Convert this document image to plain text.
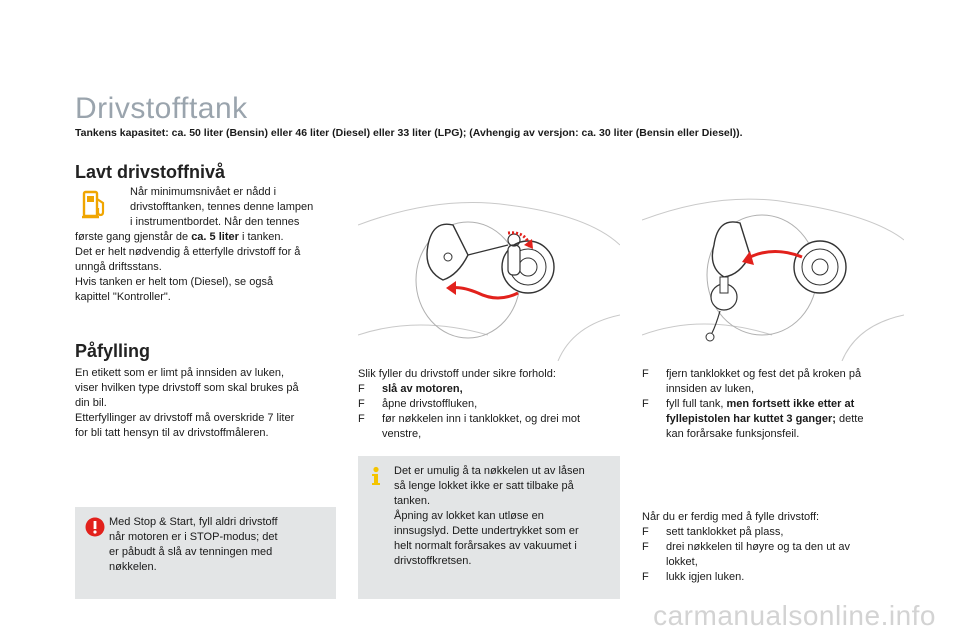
Drivstofftank
Tankens kapasitet: ca. 50 liter (Bensin) eller 46 liter (Diesel) eller 33 liter (LPG); (Avhengig av versjon: ca. 30 liter (Bensin eller Diesel)).
Lavt drivstoffnivå
Når minimumsnivået er nådd i
drivstofftanken, tennes denne lampen
i instrumentbordet. Når den tennes
første gang gjenstår de ca. 5 liter i tanken.
Det er helt nødvendig å etterfylle drivstoff for å
unngå driftsstans.
Hvis tanken er helt tom (Diesel), se også
kapittel "Kontroller".
Påfylling
En etikett som er limt på innsiden av luken,
viser hvilken type drivstoff som skal brukes på
din bil.
Etterfyllinger av drivstoff må overskride 7 liter
for bli tatt hensyn til av drivstoffmåleren.
Med Stop & Start, fyll aldri drivstoff
når motoren er i STOP-modus; det
er påbudt å slå av tenningen med
nøkkelen.
Slik fyller du drivstoff under sikre forhold:
F slå av motoren,
F åpne drivstoffluken,
F før nøkkelen inn i tanklokket, og drei mot
venstre,
Det er umulig å ta nøkkelen ut av låsen
så lenge lokket ikke er satt tilbake på
tanken.
Åpning av lokket kan utløse en
innsugslyd. Dette undertrykket som er
helt normalt forårsakes av vakuumet i
drivstoffkretsen.
F fjern tanklokket og fest det på kroken på
innsiden av luken,
F fyll full tank, men fortsett ikke etter at
fyllepistolen har kuttet 3 ganger; dette
kan forårsake funksjonsfeil.
Når du er ferdig med å fylle drivstoff:
F sett tanklokket på plass,
F drei nøkkelen til høyre og ta den ut av
lokket,
F lukk igjen luken.
carmanualsonline.info
